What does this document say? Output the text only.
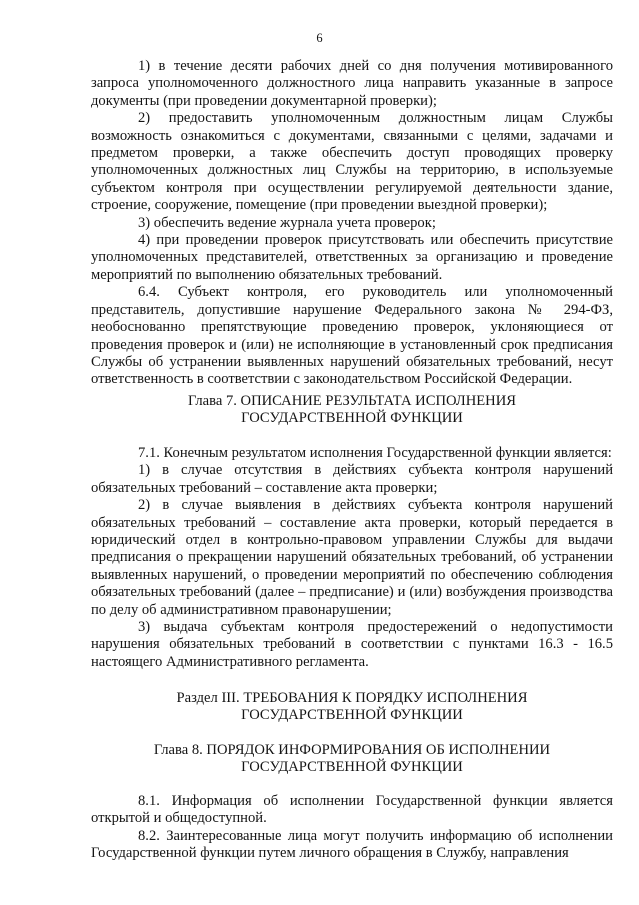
6

1) в течение десяти рабочих дней со дня получения мотивированного запроса уполномоченного должностного лица направить указанные в запросе документы (при проведении документарной проверки);

2) предоставить уполномоченным должностным лицам Службы возможность ознакомиться с документами, связанными с целями, задачами и предметом проверки, а также обеспечить доступ проводящих проверку уполномоченных должностных лиц Службы на территорию, в используемые субъектом контроля при осуществлении регулируемой деятельности здание, строение, сооружение, помещение (при проведении выездной проверки);

3) обеспечить ведение журнала учета проверок;

4) при проведении проверок присутствовать или обеспечить присутствие уполномоченных представителей, ответственных за организацию и проведение мероприятий по выполнению обязательных требований.

6.4. Субъект контроля, его руководитель или уполномоченный представитель, допустившие нарушение Федерального закона № 294-ФЗ, необоснованно препятствующие проведению проверок, уклоняющиеся от проведения проверок и (или) не исполняющие в установленный срок предписания Службы об устранении выявленных нарушений обязательных требований, несут ответственность в соответствии с законодательством Российской Федерации.

Глава 7. ОПИСАНИЕ РЕЗУЛЬТАТА ИСПОЛНЕНИЯ
ГОСУДАРСТВЕННОЙ ФУНКЦИИ

7.1. Конечным результатом исполнения Государственной функции является:

1) в случае отсутствия в действиях субъекта контроля нарушений обязательных требований – составление акта проверки;

2) в случае выявления в действиях субъекта контроля нарушений обязательных требований – составление акта проверки, который передается в юридический отдел в контрольно-правовом управлении Службы для выдачи предписания о прекращении нарушений обязательных требований, об устранении выявленных нарушений, о проведении мероприятий по обеспечению соблюдения обязательных требований (далее – предписание) и (или) возбуждения производства по делу об административном правонарушении;

3) выдача субъектам контроля предостережений о недопустимости нарушения обязательных требований в соответствии с пунктами 16.3 - 16.5 настоящего Административного регламента.

Раздел III. ТРЕБОВАНИЯ К ПОРЯДКУ ИСПОЛНЕНИЯ
ГОСУДАРСТВЕННОЙ ФУНКЦИИ
Глава 8. ПОРЯДОК ИНФОРМИРОВАНИЯ ОБ ИСПОЛНЕНИИ
ГОСУДАРСТВЕННОЙ ФУНКЦИИ

8.1. Информация об исполнении Государственной функции является открытой и общедоступной.

8.2. Заинтересованные лица могут получить информацию об исполнении Государственной функции путем личного обращения в Службу, направления
